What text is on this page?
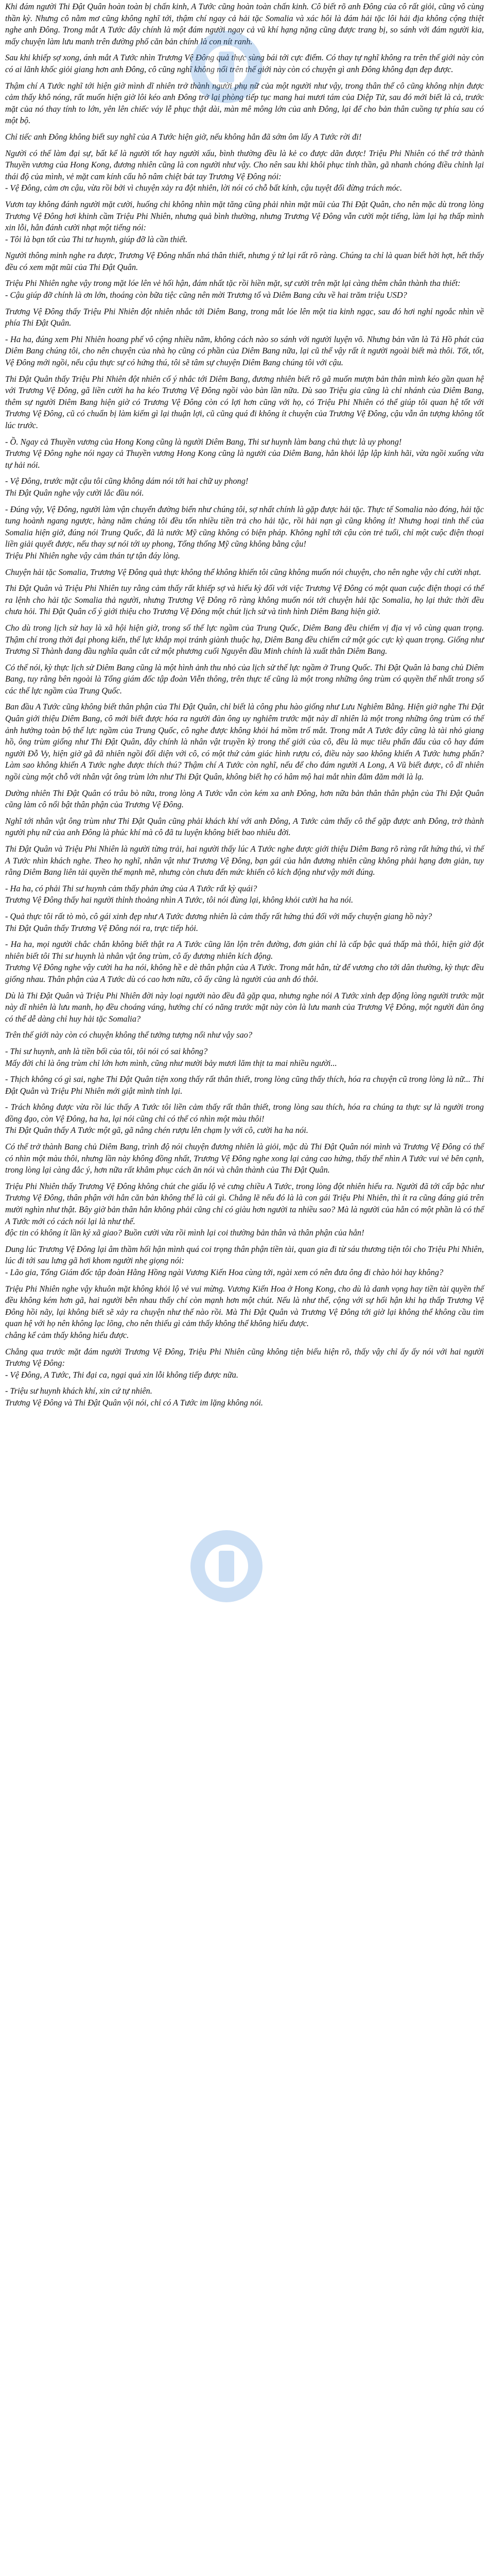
Khi đám người Thi Đật Quân hoàn toàn bị chấn kinh, A Tước cũng hoàn toàn chấn kinh. Cô biết rõ anh Đông của cô rất giỏi, cũng vô cùng thần kỳ. Nhưng cô nằm mơ cũng không nghĩ tới, thậm chí ngay cả hải tặc Somalia và xác hôi là đám hải tặc lôi hải địa không cộng thiệt nghe anh Đông. Trong mắt A Tước đây chính là một đám người ngay cả vũ khí hạng nặng cũng được trang bị, so sánh với đám người kia, mấy chuyện làm lưu manh trên đường phố căn bản chính là con nít ranh.

Sau khi khiếp sợ xong, ánh mắt A Tước nhìn Trương Vệ Đông quả thực sùng bái tới cực điểm. Có thay tự nghĩ không ra trên thế giới này còn có ai lãnh khốc giỏi giang hơn anh Đông, cô cũng nghĩ không nổi trên thế giới này còn có chuyện gì anh Đông không đạn đẹp được.

Thậm chí A Tước nghĩ tới hiện giờ mình dĩ nhiên trở thành người phụ nữ của một người như vậy, trong thân thể cô cũng không nhịn được cảm thấy khô nóng, rất muốn hiện giờ lôi kéo anh Đông trở lại phòng tiếp tục mang hai mươi tám của Diệp Tử, sau đó mới biết là cả, trước mặt của nó thay tính to lớn, yên lên chiếc váy lễ phục thật dài, màn mê mông lớn của anh Đông, lại để cho bản thân cuồng tự phía sau có một bộ.

Chỉ tiếc anh Đông không biết suy nghĩ của A Tước hiện giờ, nếu không hẳn đã sớm ôm lấy A Tước rời đi!

Người có thể làm đại sự, bất kể là người tốt hay người xấu, bình thường đều là kẻ co được dãn được! Triệu Phi Nhiên có thể trở thành Thuyền vương của Hong Kong, đương nhiên cũng là con người như vậy. Cho nên sau khi khôi phục tỉnh thần, gã nhanh chóng điều chỉnh lại thái độ của mình, vẻ mặt cam kính cẩu hô nâm chiệt bát tay Trương Vệ Đông nói:
- Vệ Đông, cảm ơn cậu, vừa rồi bởi vì chuyện xảy ra đột nhiên, lời nói có chỗ bất kính, cậu tuyệt đối đừng trách móc.

Vươn tay không đánh người mặt cười, huống chi không nhìn mặt tăng cũng phải nhìn mặt mũi của Thi Đật Quân, cho nên mặc dù trong lòng Trương Vệ Đông hơi khinh cầm Triệu Phi Nhiên, nhưng quả bình thường, nhưng Trương Vệ Đông vẫn cười một tiếng, làm lại hạ thấp mình xin lỗi, hẳn đánh cười nhạt một tiếng nói:
- Tôi là bạn tốt của Thi tư huynh, giúp đỡ là cần thiết.

Người thông minh nghe ra được, Trương Vệ Đông nhấn nhá thân thiết, nhưng ý tứ lại rất rõ ràng. Chúng ta chỉ là quan biết hời hợt, hết thấy đều có xem mặt mũi của Thi Đật Quân.

Triệu Phi Nhiên nghe vậy trong mặt lóe lên vẻ hối hận, đám nhất tặc rồi hiền mặt, sự cười trên mặt lại càng thêm chân thành tha thiết:
- Cậu giúp đỡ chính là ơn lớn, thoáng còn bữa tiệc cũng nên mời Trương tổ và Diêm Bang cứu về hai trăm triệu USD?

Trương Vệ Đông thấy Triệu Phi Nhiên đột nhiên nhắc tới Diêm Bang, trong mắt lóe lên một tia kinh ngạc, sau đó hơi nghỉ ngoắc nhìn về phía Thi Đật Quân.

- Ha ha, đúng xem Phi Nhiên hoang phế vô cộng nhiều năm, không cách nào so sánh với người luyện võ. Nhưng bản văn là Tả Hồ phát của Diêm Bang chúng tôi, cho nên chuyện của nhà họ cũng có phần của Diêm Bang nữa, lại cũ thể vậy rất ít người ngoài biết mà thôi. Tốt, tốt, Vệ Đông mới ngồi, nếu cậu thực sự có hứng thú, tôi sẽ tâm sự chuyện Diêm Bang chúng tôi với cậu.

Thi Đật Quân thấy Triệu Phi Nhiên đột nhiên cố ý nhắc tới Diêm Bang, đương nhiên biết rõ gã muốn mượn bản thân mình kéo gần quan hệ với Trương Vệ Đông, gã liền cười ha ha kéo Trương Vệ Đông ngồi vào bàn lần nữa. Dù sao Triệu gia cũng là chỉ nhánh của Diêm Bang, thêm sự người Diêm Bang hiện giờ có Trương Vệ Đông còn có lợi hơn cũng với họ, có Triệu Phi Nhiên có thể giúp tôi quan hệ tốt với Trương Vệ Đông, cũ có chuẩn bị làm kiếm gì lại thuận lợi, cũ cũng quá đi không ít chuyện của Trương Vệ Đông, cậu vẫn ân tượng không tốt lúc trước.

- Ồ. Ngay cả Thuyền vương của Hong Kong cũng là người Diêm Bang, Thi sư huynh làm bang chủ thực là uy phong!
Trương Vệ Đông nghe nói ngay cả Thuyền vương Hong Kong cũng là người của Diêm Bang, hẳn khỏi lập lập kinh hãi, vừa ngồi xuống vừa tự hải nói.

- Vệ Đông, trước mặt cậu tôi cũng không dám nói tới hai chữ uy phong!
Thi Đật Quân nghe vậy cười lắc đầu nói.

- Đúng vậy, Vệ Đông, người làm vận chuyển đường biển như chúng tôi, sợ nhất chính là gặp được hải tặc. Thực tế Somalia nào đóng, hải tặc tung hoành ngang ngược, hàng năm chúng tôi đều tốn nhiều tiền trả cho hải tặc, rồi hải nạn gì cũng không ít! Nhưng hoại tinh thế của Somalia hiện giờ, đúng nói Trung Quốc, đã là nước Mỹ cũng không có biện pháp. Không nghĩ tới cậu còn trẻ tuổi, chỉ một cuộc điện thoại liền giải quyết được, nếu thay sự nói tới uy phong, Tổng thống Mỹ cũng không bằng cậu!
Triệu Phi Nhiên nghe vậy cảm thán tự tận đáy lòng.

Chuyện hải tặc Somalia, Trương Vệ Đông quả thực không thể không khiến tôi cũng không muốn nói chuyện, cho nên nghe vậy chỉ cười nhạt.

Thi Đật Quân và Triệu Phi Nhiên tuy rằng cảm thấy rất khiếp sợ và hiếu kỳ đối với việc Trương Vệ Đông có một quan cuộc điện thoại có thể ra lệnh cho hải tặc Somalia thả người, nhưng Trương Vệ Đông rõ ràng không muốn nói tới chuyện hải tặc Somalia, họ lại thức thời đều chưa hỏi. Thi Đật Quân cố ý giới thiệu cho Trương Vệ Đông một chút lịch sử và tình hình Diêm Bang hiện giờ.

Cho dù trong lịch sử hay là xã hội hiện giờ, trong số thế lực ngầm của Trung Quốc, Diêm Bang đều chiếm vị địa vị vô cùng quan trọng. Thậm chí trong thời đại phong kiến, thế lực khắp mọi tránh giành thuộc hạ, Diêm Bang đều chiếm cứ một góc cực kỳ quan trọng. Giống như Trương Sĩ Thành đang đầu nghĩa quân cắt cứ một phương cuối Nguyên đầu Minh chính là xuất thân Diêm Bang.

Có thể nói, kỳ thực lịch sử Diêm Bang cũng là một hình ảnh thu nhỏ của lịch sử thế lực ngầm ở Trung Quốc. Thi Đật Quân là bang chủ Diêm Bang, tuy rằng bên ngoài là Tổng giám đốc tập đoàn Viễn thông, trên thực tế cũng là một trong những ông trùm có quyền thế nhất trong số các thế lực ngầm của Trung Quốc.

Ban đầu A Tước cũng không biết thân phận của Thi Đật Quân, chỉ biết là công phu hào giống như Lưu Nghiêm Bằng. Hiện giờ nghe Thi Đật Quân giới thiệu Diêm Bang, cô mới biết được hóa ra người đàn ông uy nghiêm trước mặt này dĩ nhiên là một trong những ông trùm có thế ảnh hưởng toàn bộ thế lực ngầm của Trung Quốc, cô nghe được không khỏi há mồm trố mắt. Trong mắt A Tước đây cũng là tài nhỏ giang hồ, ông trùm giống như Thi Đật Quân, đây chính là nhân vật truyền kỳ trong thế giới của cô, đều là mục tiêu phấn đấu của cô hay đám người Đỗ Vy, hiện giờ gã đã nhiên ngồi đối diện với cô, có một thứ cảm giác hình rượu có, điều này sao không khiến A Tước hưng phấn? Làm sao không khiến A Tước nghe được thích thú? Thậm chí A Tước còn nghĩ, nếu để cho đám người A Long, A Vũ biết được, cô dĩ nhiên ngồi cùng một chỗ với nhân vật ông trùm lớn như Thi Đật Quân, không biết họ có hâm mộ hai mắt nhìn đăm đăm mới là lạ.

Dường nhiên Thi Đật Quân có trâu bò nữa, trong lòng A Tước vẫn còn kém xa anh Đông, hơn nữa bản thân thân phận của Thi Đật Quân cũng làm cô nổi bật thân phận của Trương Vệ Đông.

Nghĩ tới nhân vật ông trùm như Thi Đật Quân cũng phải khách khí với anh Đông, A Tước cảm thấy cô thể gặp được anh Đông, trở thành người phụ nữ của anh Đông là phúc khí mà cô đã tu luyện không biết bao nhiêu đời.

Thi Đật Quân và Triệu Phi Nhiên là người từng trải, hai người thấy lúc A Tước nghe được giới thiệu Diêm Bang rõ ràng rất hứng thú, vì thế A Tước nhìn khách nghe. Theo họ nghĩ, nhân vật như Trương Vệ Đông, bạn gái của hẳn đương nhiên cũng không phải hạng đơn giản, tuy rằng Diêm Bang liên tải quyền thế mạnh mẽ, nhưng còn chưa đến mức khiến cô kích động như vậy mới đúng.

- Ha ha, có phải Thi sư huynh cảm thấy phản ứng của A Tước rất kỳ quái?
Trương Vệ Đông thấy hai người thỉnh thoảng nhìn A Tước, tôi nói đùng lại, không khỏi cười ha ha nói.

- Quả thực tôi rất tò mò, cô gái xinh đẹp như A Tước đương nhiên là cảm thấy rất hứng thú đối với mấy chuyện giang hồ này?
Thi Đật Quân thấy Trương Vệ Đông nói ra, trực tiếp hỏi.

- Ha ha, mọi người chắc chắn không biết thật ra A Tước cũng lăn lộn trên đường, đơn giản chỉ là cấp bậc quá thấp mà thôi, hiện giờ đột nhiên biết tôi Thi sư huynh là nhân vật ông trùm, cô ấy đương nhiên kích động.
Trương Vệ Đông nghe vậy cười ha ha nói, không hề e dè thân phận của A Tước. Trong mắt hẳn, từ để vương cho tới dân thường, kỳ thực đều giống nhau. Thân phận của A Tước dù có cao hơn nữa, cô ấy cũng là người của anh đó thôi.

Dù là Thi Đật Quân và Triệu Phi Nhiên đời này loại người nào đều đã gặp qua, nhưng nghe nói A Tước xinh đẹp động lòng người trước mặt này dĩ nhiên là lưu manh, họ đều choáng váng, hướng chí có năng trước mặt này còn là lưu manh của Trương Vệ Đông, một người đàn ông có thể dễ dàng chỉ huy hải tặc Somalia?

Trên thế giới này còn có chuyện không thể tưởng tượng nổi như vậy sao?

- Thi sư huynh, anh là tiền bối của tôi, tôi nói có sai không?
Mấy đời chỉ là ông trùm chỉ lớn hơn mình, cũng như mười bảy mươi lăm thịt ta mai nhiều người...

- Thịch không có gì sai, nghe Thi Đật Quân tiện xong thấy rất thân thiết, trong lòng cũng thấy thích, hóa ra chuyện cũ trong lòng là nữ... Thi Đật Quân và Triệu Phi Nhiên mới giật mình tỉnh lại.

- Trách không được vừa rồi lúc thấy A Tước tôi liền cảm thấy rất thân thiết, trong lòng sau thích, hóa ra chúng ta thực sự là người trong đồng đạo, còn Vệ Đông, ha ha, lại nói cũng chỉ có thể có nhìn một màu thôi!
Thi Đật Quân thấy A Tước một gã, gã nâng chén rượu lên chạm ly với cô, cười ha ha nói.

Có thể trở thành Bang chủ Diêm Bang, trình độ nói chuyện đương nhiên là giỏi, mặc dù Thi Đật Quân nói mình và Trương Vệ Đông có thể có nhìn một màu thôi, nhưng lần này không đồng nhất, Trương Vệ Đông nghe xong lại cảng cao hứng, thấy thế nhìn A Tước vui vẻ bên cạnh, trong lòng lại càng đắc ý, hơn nữa rất khâm phục cách ăn nói và chân thành của Thi Đật Quân.

Triệu Phi Nhiên thấy Trương Vệ Đông không chút che giấu lộ vẻ cưng chiều A Tước, trong lòng đột nhiên hiểu ra. Người đã tới cấp bậc như Trương Vệ Đông, thân phận với hẳn căn bản không thể là cái gì. Chẳng lẽ nếu đó là là con gái Triệu Phi Nhiên, thì ít ra cũng đáng giá trên mười nghìn như thật. Bây giờ bản thân hẳn không phải cũng chỉ có giàu hơn người ta nhiều sao? Mà là người của hẳn có một phần là có thể A Tước mới có cách nói lại là như thế.
độc tin có không ít lần ký xã giao? Buồn cười vừa rồi mình lại coi thường bản thân và thân phận của hẳn!

Dung lúc Trương Vệ Đông lại âm thầm hối hận mình quá coi trọng thân phận tiền tài, quan gia đi từ sáu thương tiện tôi cho Triệu Phi Nhiên, lúc đi tới sau lưng gã hơi khom người nhẹ giọng nói:
- Lão gia, Tổng Giám đốc tập đoàn Hằng Hồng ngài Vương Kiến Hoa cùng tới, ngài xem có nên đưa ông đi chào hỏi hay không?

Triệu Phi Nhiên nghe vậy khuôn mặt không khỏi lộ vẻ vui mừng. Vương Kiến Hoa ở Hong Kong, cho dù là danh vọng hay tiền tài quyền thế đều không kém hơn gã, hai người bên nhau thấy chí còn mạnh hơn một chút. Nếu là như thế, cộng với sự hối hận khi hạ thấp Trương Vệ Đông hồi nãy, lại không biết sẽ xảy ra chuyện như thế nào rồi. Mà Thi Đật Quân và Trương Vệ Đông tới giờ lại không thể không cầu tìm quan hệ với họ nên không lạc lõng, cho nên thiếu gì cảm thấy không thể không hiểu được.
chẳng kể cảm thấy không hiểu được.

Chẳng qua trước mặt đám người Trương Vệ Đông, Triệu Phi Nhiên cũng không tiện biểu hiện rõ, thấy vậy chỉ ấy ấy nói với hai người Trương Vệ Đông:
- Vệ Đông, A Tước, Thi đại ca, ngại quá xin lỗi không tiếp được nữa.

- Triệu sư huynh khách khí, xin cứ tự nhiên.
Trương Vệ Đông và Thi Đật Quân vội nói, chỉ có A Tước im lặng không nói.
